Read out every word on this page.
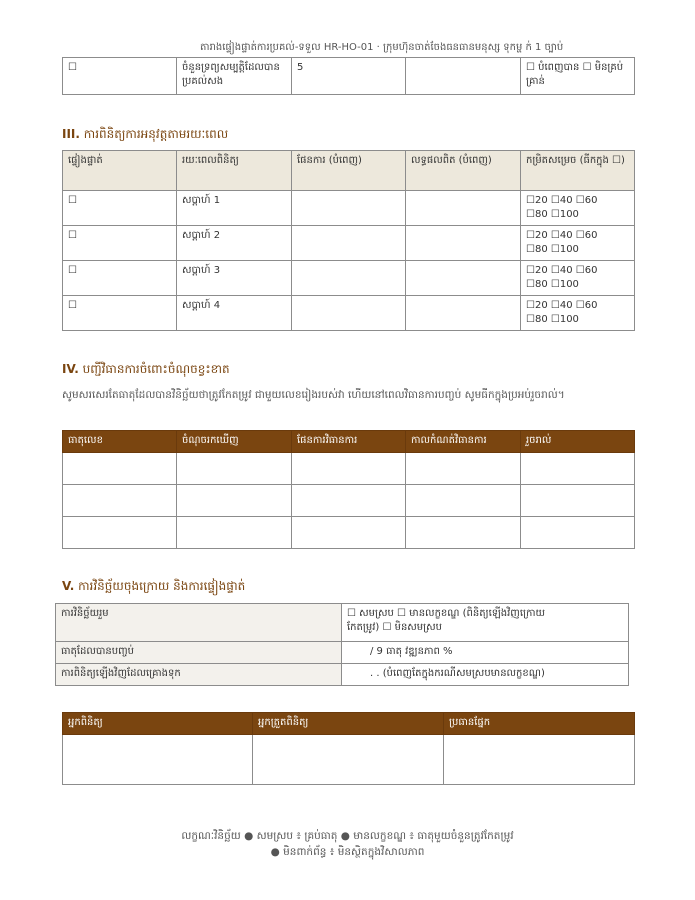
តារាងផ្ទៀងផ្ទាត់ការប្រគល់-ទទួល HR-HO-01 · ក្រុមហ៊ុនចាត់ចែងធនធានមនុស្ស ទុកម្ហ ក់ 1 ច្បាប់
☐	ចំនួនទ្រព្យសម្បត្តិដែលបានប្រគល់សង	5		☐ បំពេញបាន ☐ មិនគ្រប់គ្រាន់
III. ការពិនិត្យការអនុវត្តតាមរយៈពេល
ផ្ទៀងផ្ទាត់	រយៈពេលពិនិត្យ	ផែនការ (បំពេញ)	លទ្ធផលពិត (បំពេញ)	កម្រិតសម្រេច (ធីកក្នុង ☐)
☐	សប្តាហ៍ 1			☐20 ☐40 ☐60
☐80 ☐100

☐	សប្តាហ៍ 2			☐20 ☐40 ☐60
☐80 ☐100

☐	សប្តាហ៍ 3			☐20 ☐40 ☐60
☐80 ☐100

☐	សប្តាហ៍ 4			☐20 ☐40 ☐60
☐80 ☐100
IV. បញ្ជីវិធានការចំពោះចំណុចខ្វះខាត
សូមសរសេរតែធាតុដែលបានវិនិច្ឆ័យថាត្រូវកែតម្រូវ ជាមួយលេខរៀងរបស់វា ហើយនៅពេលវិធានការបញ្ចប់ សូមធីកក្នុងប្រអប់រួចរាល់។
ធាតុលេខ	ចំណុចរកឃើញ	ផែនការវិធានការ	កាលកំណត់វិធានការ	រួចរាល់

V. ការវិនិច្ឆ័យចុងក្រោយ និងការផ្ទៀងផ្ទាត់
ការវិនិច្ឆ័យរួម	☐ សមស្រប ☐ មានលក្ខខណ្ឌ (ពិនិត្យឡើងវិញក្រោយ
កែតម្រូវ) ☐ មិនសមស្រប

ធាតុដែលបានបញ្ចប់	/ 9 ធាតុ វឌ្ឍនភាព %
ការពិនិត្យឡើងវិញដែលគ្រោងទុក	. . (បំពេញតែក្នុងករណីសមស្របមានលក្ខខណ្ឌ)
អ្នកពិនិត្យ	អ្នកត្រួតពិនិត្យ	ប្រធានផ្នែក

លក្ខណៈវិនិច្ឆ័យ ● សមស្រប ៖ គ្រប់ធាតុ ● មានលក្ខខណ្ឌ ៖ ធាតុមួយចំនួនត្រូវកែតម្រូវ
● មិនពាក់ព័ន្ធ ៖ មិនស្ថិតក្នុងវិសាលភាព
